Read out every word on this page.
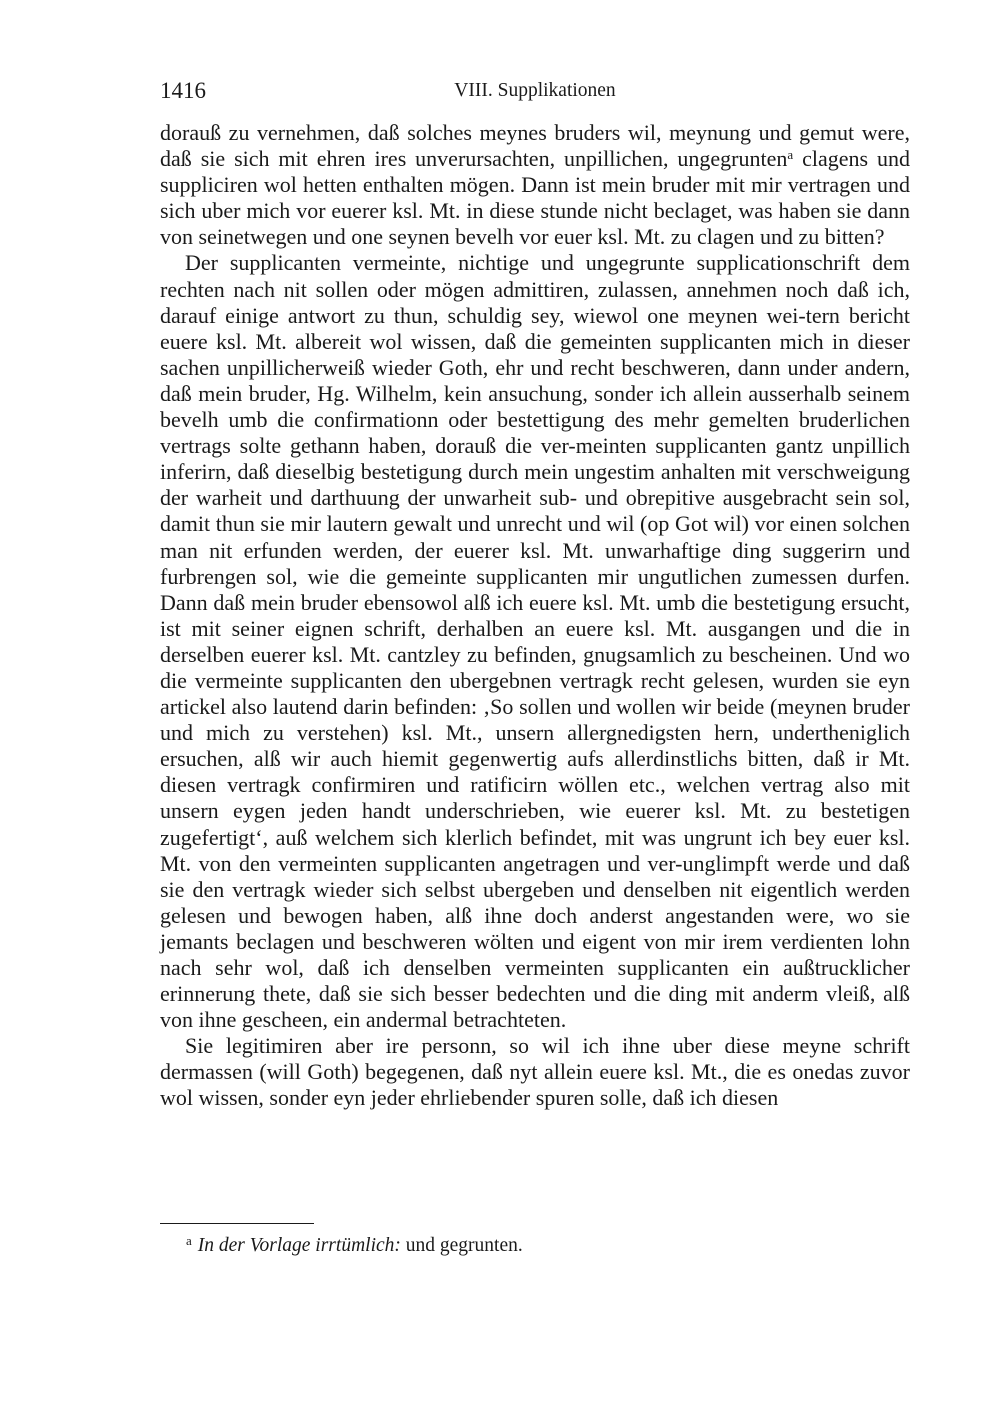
1416	VIII. Supplikationen

dorauß zu vernehmen, daß solches meynes bruders wil, meynung und gemut were, daß sie sich mit ehren ires unverursachten, unpillichen, ungegrunten$^a$ clagens und suppliciren wol hetten enthalten mögen. Dann ist mein bruder mit mir vertragen und sich uber mich vor euerer ksl. Mt. in diese stunde nicht beclaget, was haben sie dann von seinetwegen und one seynen bevelh vor euer ksl. Mt. zu clagen und zu bitten?

Der supplicanten vermeinte, nichtige und ungegrunte supplicationschrift dem rechten nach nit sollen oder mögen admittiren, zulassen, annehmen noch daß ich, darauf einige antwort zu thun, schuldig sey, wiewol one meynen wei-tern bericht euere ksl. Mt. albereit wol wissen, daß die gemeinten supplicanten mich in dieser sachen unpillicherweiß wieder Goth, ehr und recht beschweren, dann under andern, daß mein bruder, Hg. Wilhelm, kein ansuchung, sonder ich allein ausserhalb seinem bevelh umb die confirmationn oder bestettigung des mehr gemelten bruderlichen vertrags solte gethann haben, dorauß die ver-meinten supplicanten gantz unpillich inferirn, daß dieselbig bestetigung durch mein ungestim anhalten mit verschweigung der warheit und darthuung der unwarheit sub- und obrepitive ausgebracht sein sol, damit thun sie mir lautern gewalt und unrecht und wil (op Got wil) vor einen solchen man nit erfunden werden, der euerer ksl. Mt. unwarhaftige ding suggerirn und furbrengen sol, wie die gemeinte supplicanten mir ungutlichen zumessen durfen. Dann daß mein bruder ebensowol alß ich euere ksl. Mt. umb die bestetigung ersucht, ist mit seiner eignen schrift, derhalben an euere ksl. Mt. ausgangen und die in derselben euerer ksl. Mt. cantzley zu befinden, gnugsamlich zu bescheinen. Und wo die vermeinte supplicanten den ubergebnen vertragk recht gelesen, wurden sie eyn artickel also lautend darin befinden: ‚So sollen und wollen wir beide (meynen bruder und mich zu verstehen) ksl. Mt., unsern allergnedigsten hern, undertheniglich ersuchen, alß wir auch hiemit gegenwertig aufs allerdinstlichs bitten, daß ir Mt. diesen vertragk confirmiren und ratificirn wöllen etc., welchen vertrag also mit unsern eygen jeden handt underschrieben, wie euerer ksl. Mt. zu bestetigen zugefertigt‘, auß welchem sich klerlich befindet, mit was ungrunt ich bey euer ksl. Mt. von den vermeinten supplicanten angetragen und ver-unglimpft werde und daß sie den vertragk wieder sich selbst ubergeben und denselben nit eigentlich werden gelesen und bewogen haben, alß ihne doch anderst angestanden were, wo sie jemants beclagen und beschweren wölten und eigent von mir irem verdienten lohn nach sehr wol, daß ich denselben vermeinten supplicanten ein außtrucklicher erinnerung thete, daß sie sich besser bedechten und die ding mit anderm vleiß, alß von ihne gescheen, ein andermal betrachteten.

Sie legitimiren aber ire personn, so wil ich ihne uber diese meyne schrift dermassen (will Goth) begegenen, daß nyt allein euere ksl. Mt., die es onedas zuvor wol wissen, sonder eyn jeder ehrliebender spuren solle, daß ich diesen

$^a$ In der Vorlage irrtümlich: und gegrunten.
